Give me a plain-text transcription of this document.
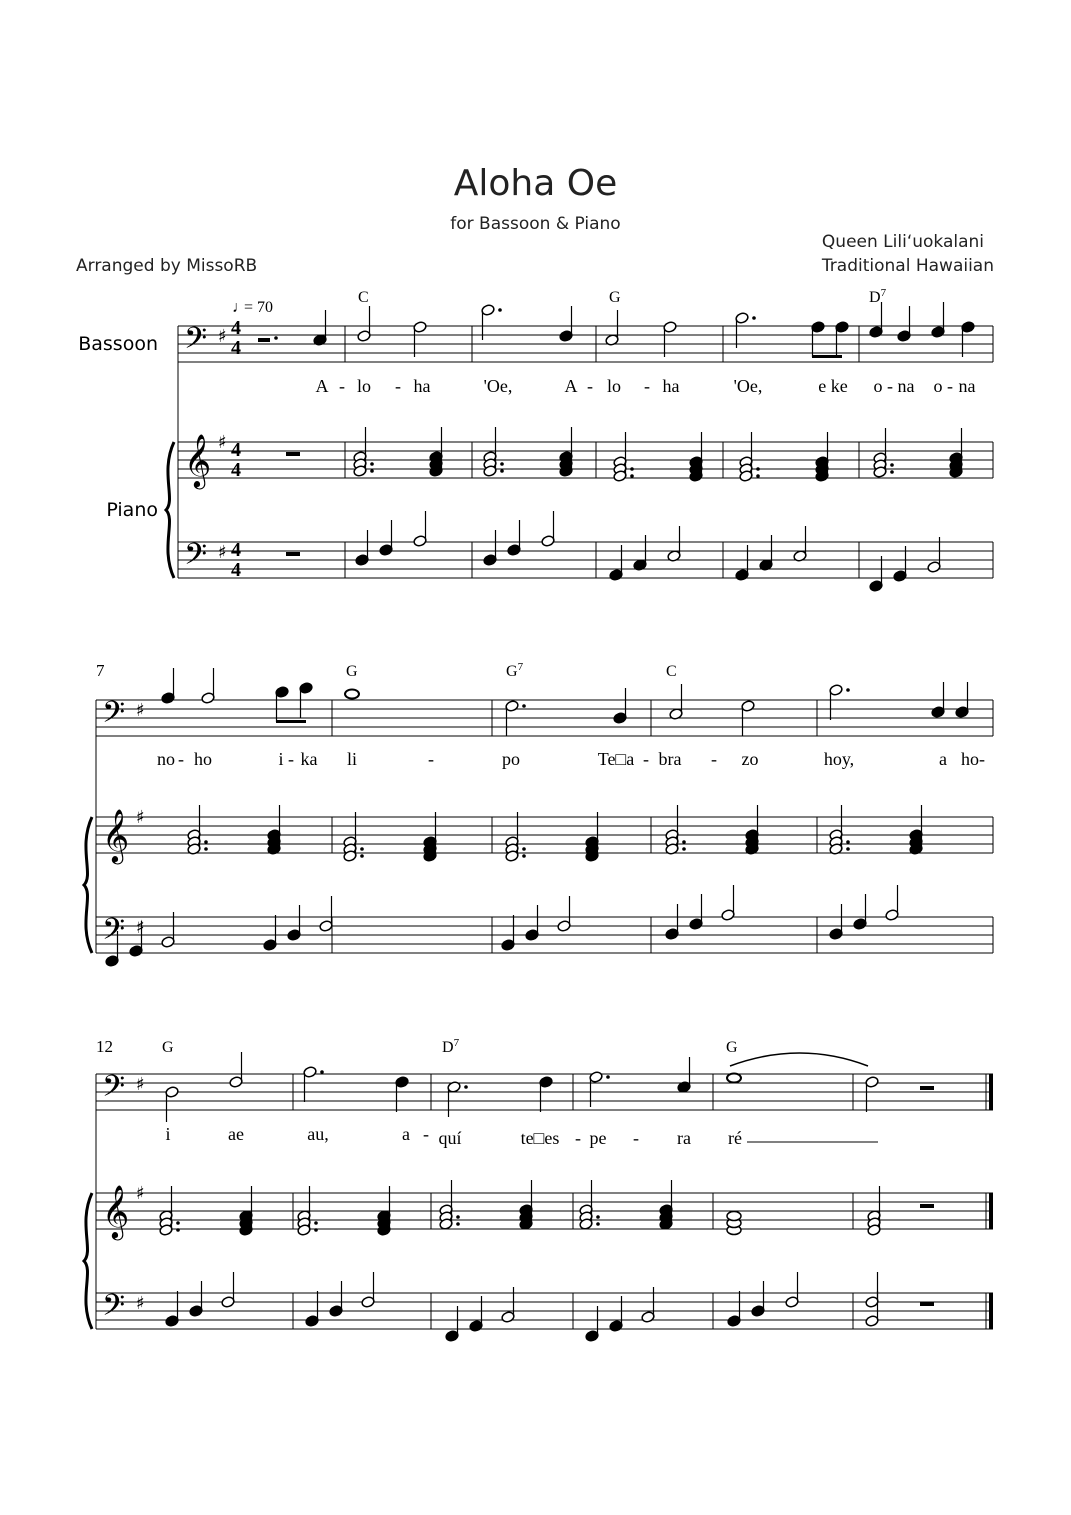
Aloha Oe
for Bassoon & Piano
Arranged by MissoRB
Queen Lili‘uokalani
Traditional Hawaiian
𝄢 ♯
𝄞 ♯
𝄢 ♯
𝄢 ♯
𝄞 ♯
𝄢 ♯
𝄢 ♯
𝄞 ♯
𝄢 ♯
Bassoon
Piano
♩
= 70
7
12
C	G	$D^7$
G	$G^7$	C
G	$D^7$	G
A - lo - ha	'Oe,	A - lo - ha	'Oe,	e ke o - na o - na
no - ho	i - ka li	-	po	Te□a - bra - zo	hoy,	a ho-
i	ae	au,	a - quí	te□es - pe - ra ré
4
4
4
4
4
4
